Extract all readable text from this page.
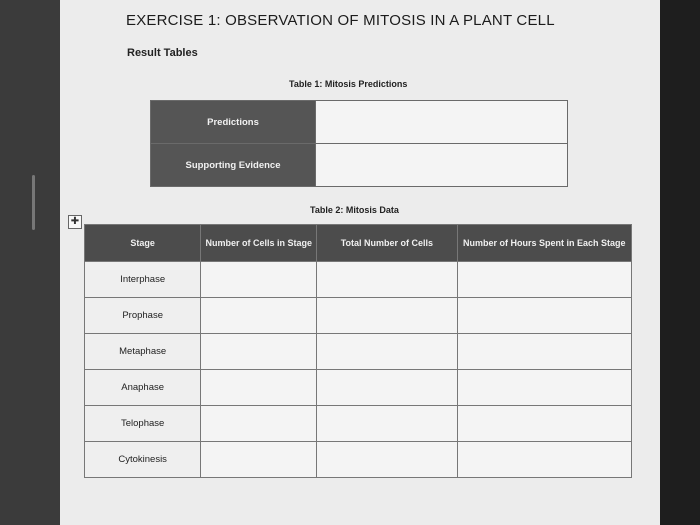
EXERCISE 1: OBSERVATION OF MITOSIS IN A PLANT CELL
Result Tables
Table 1: Mitosis Predictions
Predictions	
Supporting Evidence	
Table 2: Mitosis Data
✚
Stage	Number of Cells in Stage	Total Number of Cells	Number of Hours Spent in Each Stage
Interphase			
Prophase			
Metaphase			
Anaphase			
Telophase			
Cytokinesis			
